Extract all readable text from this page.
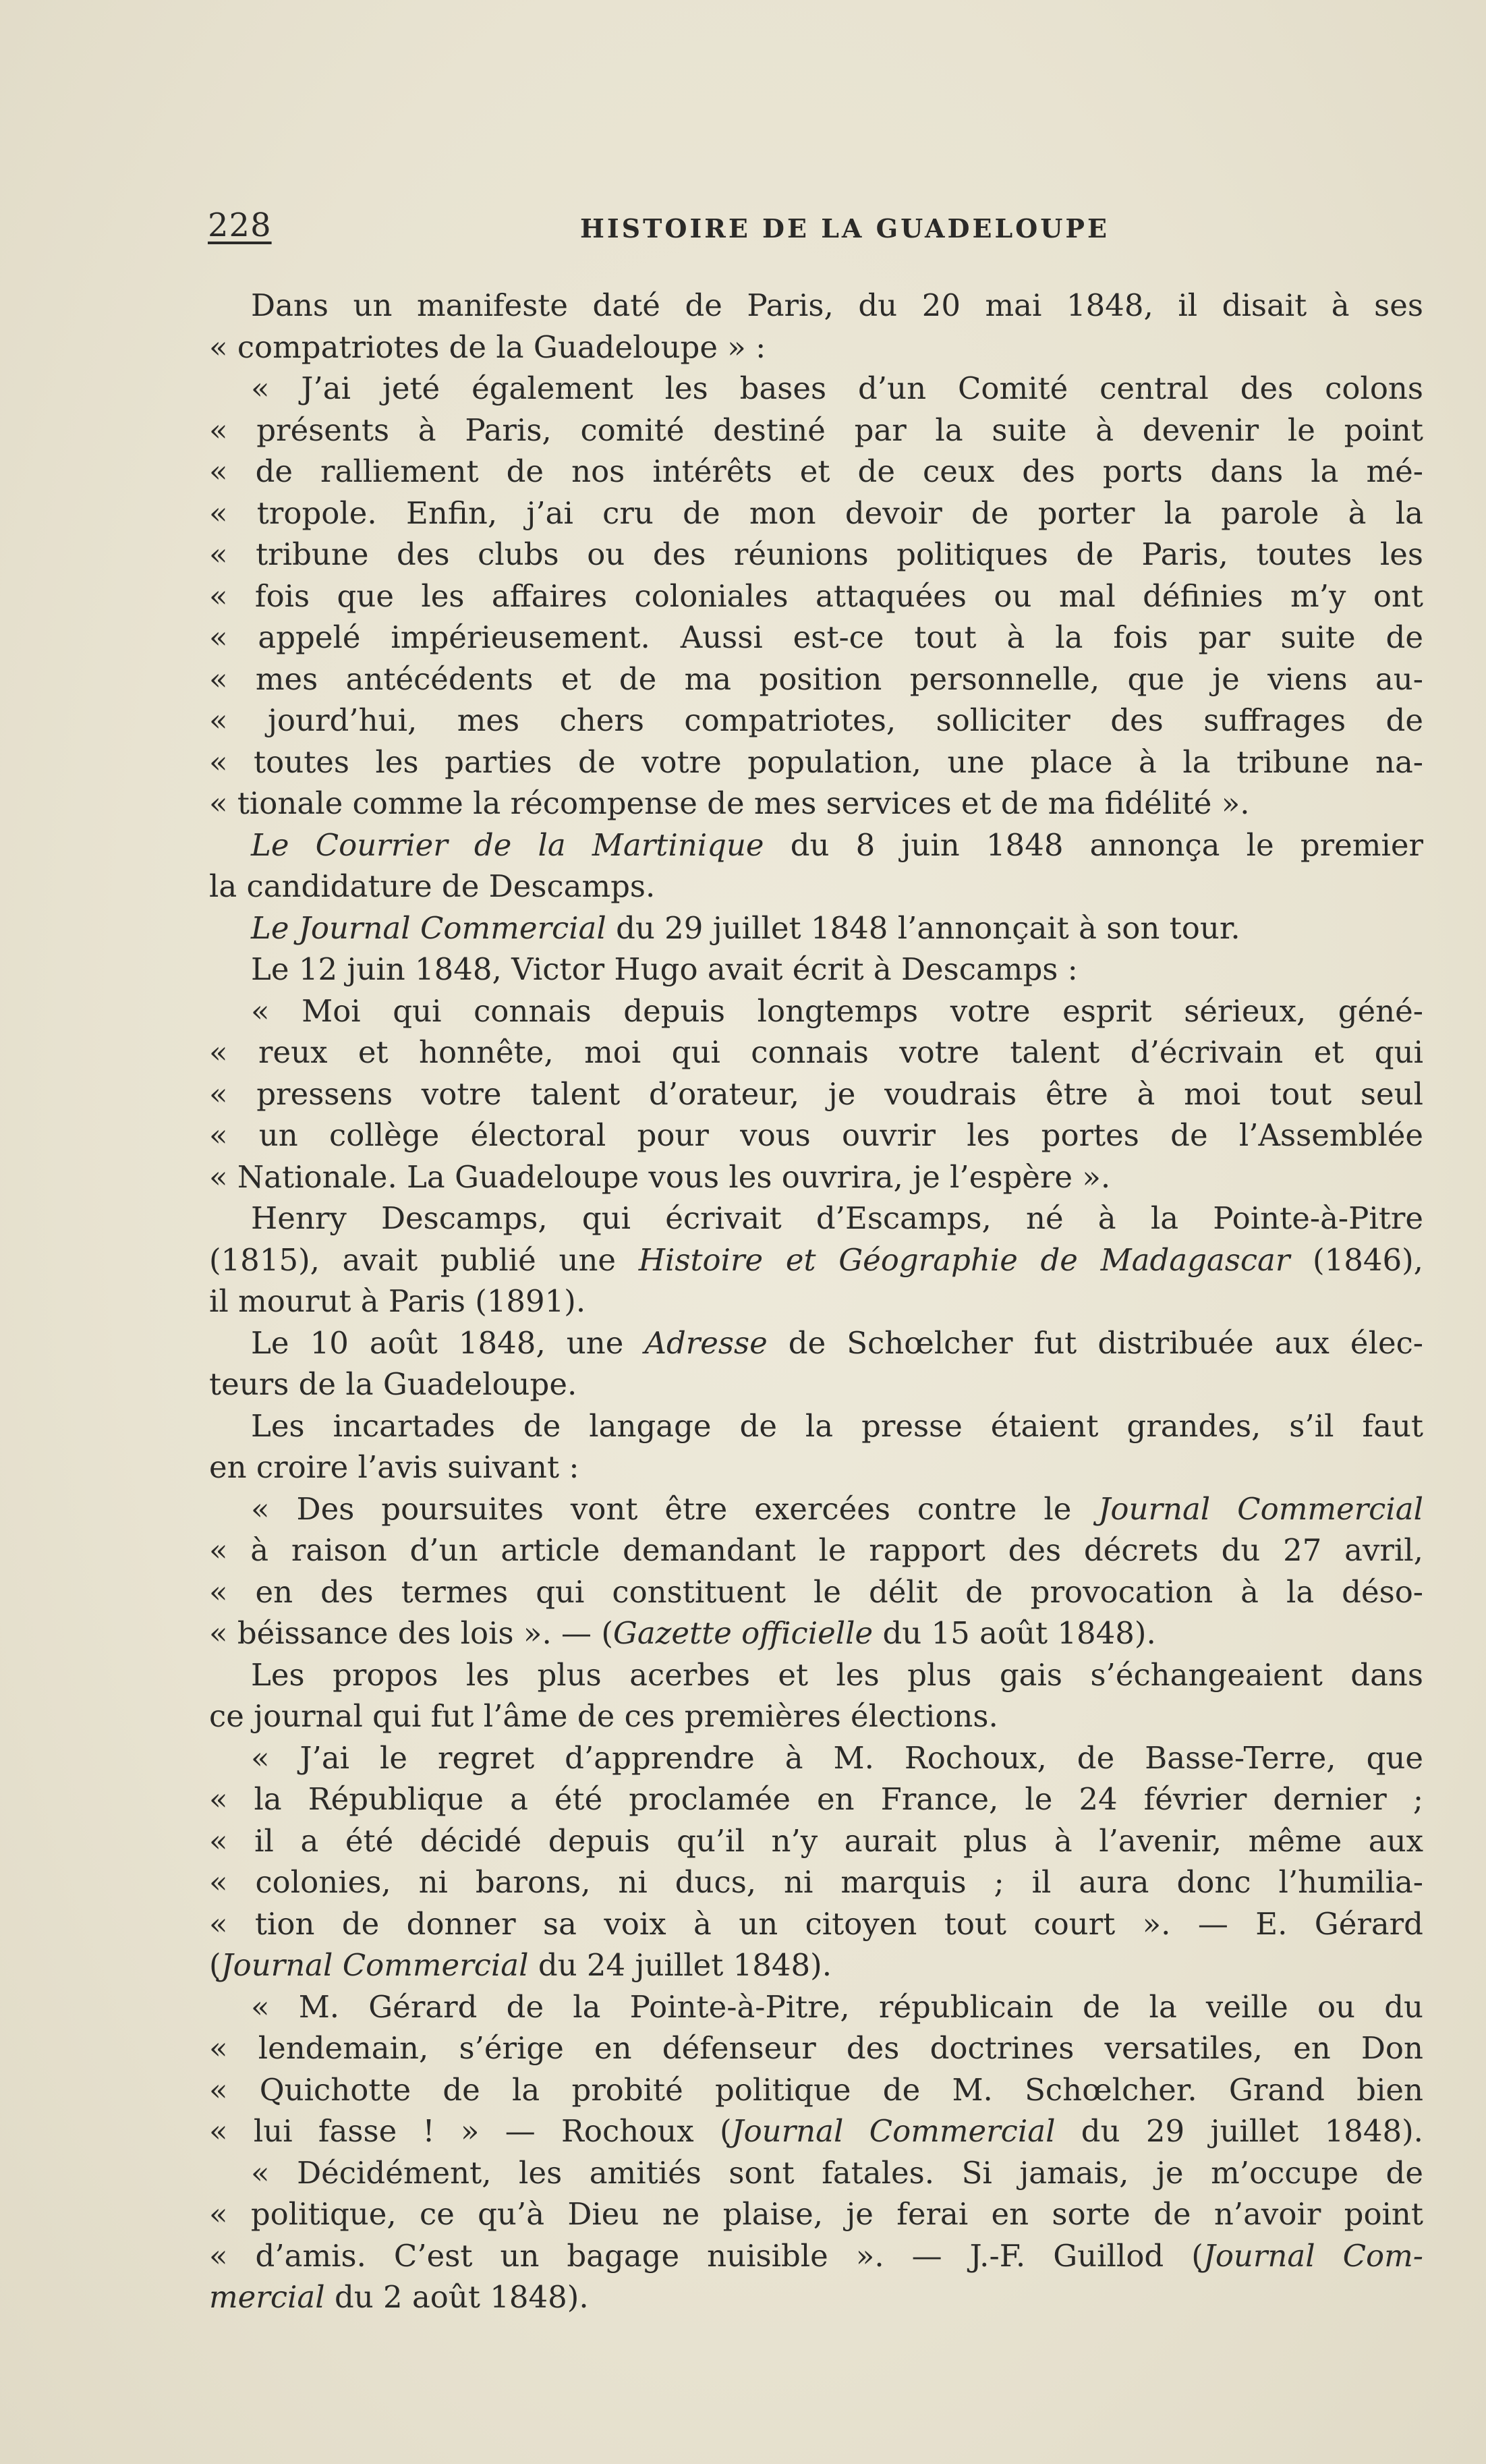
228	HISTOIRE DE LA GUADELOUPE
Dans un manifeste daté de Paris, du 20 mai 1848, il disait à ses
« compatriotes de la Guadeloupe » :
« J’ai jeté également les bases d’un Comité central des colons
« présents à Paris, comité destiné par la suite à devenir le point
« de ralliement de nos intérêts et de ceux des ports dans la mé-
« tropole. Enfin, j’ai cru de mon devoir de porter la parole à la
« tribune des clubs ou des réunions politiques de Paris, toutes les
« fois que les affaires coloniales attaquées ou mal définies m’y ont
« appelé impérieusement. Aussi est-ce tout à la fois par suite de
« mes antécédents et de ma position personnelle, que je viens au-
« jourd’hui, mes chers compatriotes, solliciter des suffrages de
« toutes les parties de votre population, une place à la tribune na-
« tionale comme la récompense de mes services et de ma fidélité ».
Le Courrier de la Martinique du 8 juin 1848 annonça le premier
la candidature de Descamps.
Le Journal Commercial du 29 juillet 1848 l’annonçait à son tour.
Le 12 juin 1848, Victor Hugo avait écrit à Descamps :
« Moi qui connais depuis longtemps votre esprit sérieux, géné-
« reux et honnête, moi qui connais votre talent d’écrivain et qui
« pressens votre talent d’orateur, je voudrais être à moi tout seul
« un collège électoral pour vous ouvrir les portes de l’Assemblée
« Nationale. La Guadeloupe vous les ouvrira, je l’espère ».
Henry Descamps, qui écrivait d’Escamps, né à la Pointe-à-Pitre
(1815), avait publié une Histoire et Géographie de Madagascar (1846),
il mourut à Paris (1891).
Le 10 août 1848, une Adresse de Schœlcher fut distribuée aux élec-
teurs de la Guadeloupe.
Les incartades de langage de la presse étaient grandes, s’il faut
en croire l’avis suivant :
« Des poursuites vont être exercées contre le Journal Commercial
« à raison d’un article demandant le rapport des décrets du 27 avril,
« en des termes qui constituent le délit de provocation à la déso-
« béissance des lois ». — (Gazette officielle du 15 août 1848).
Les propos les plus acerbes et les plus gais s’échangeaient dans
ce journal qui fut l’âme de ces premières élections.
« J’ai le regret d’apprendre à M. Rochoux, de Basse-Terre, que
« la République a été proclamée en France, le 24 février dernier ;
« il a été décidé depuis qu’il n’y aurait plus à l’avenir, même aux
« colonies, ni barons, ni ducs, ni marquis ; il aura donc l’humilia-
« tion de donner sa voix à un citoyen tout court ». — E. Gérard
(Journal Commercial du 24 juillet 1848).
« M. Gérard de la Pointe-à-Pitre, républicain de la veille ou du
« lendemain, s’érige en défenseur des doctrines versatiles, en Don
« Quichotte de la probité politique de M. Schœlcher. Grand bien
« lui fasse ! » — Rochoux (Journal Commercial du 29 juillet 1848).
« Décidément, les amitiés sont fatales. Si jamais, je m’occupe de
« politique, ce qu’à Dieu ne plaise, je ferai en sorte de n’avoir point
« d’amis. C’est un bagage nuisible ». — J.-F. Guillod (Journal Com-
mercial du 2 août 1848).
